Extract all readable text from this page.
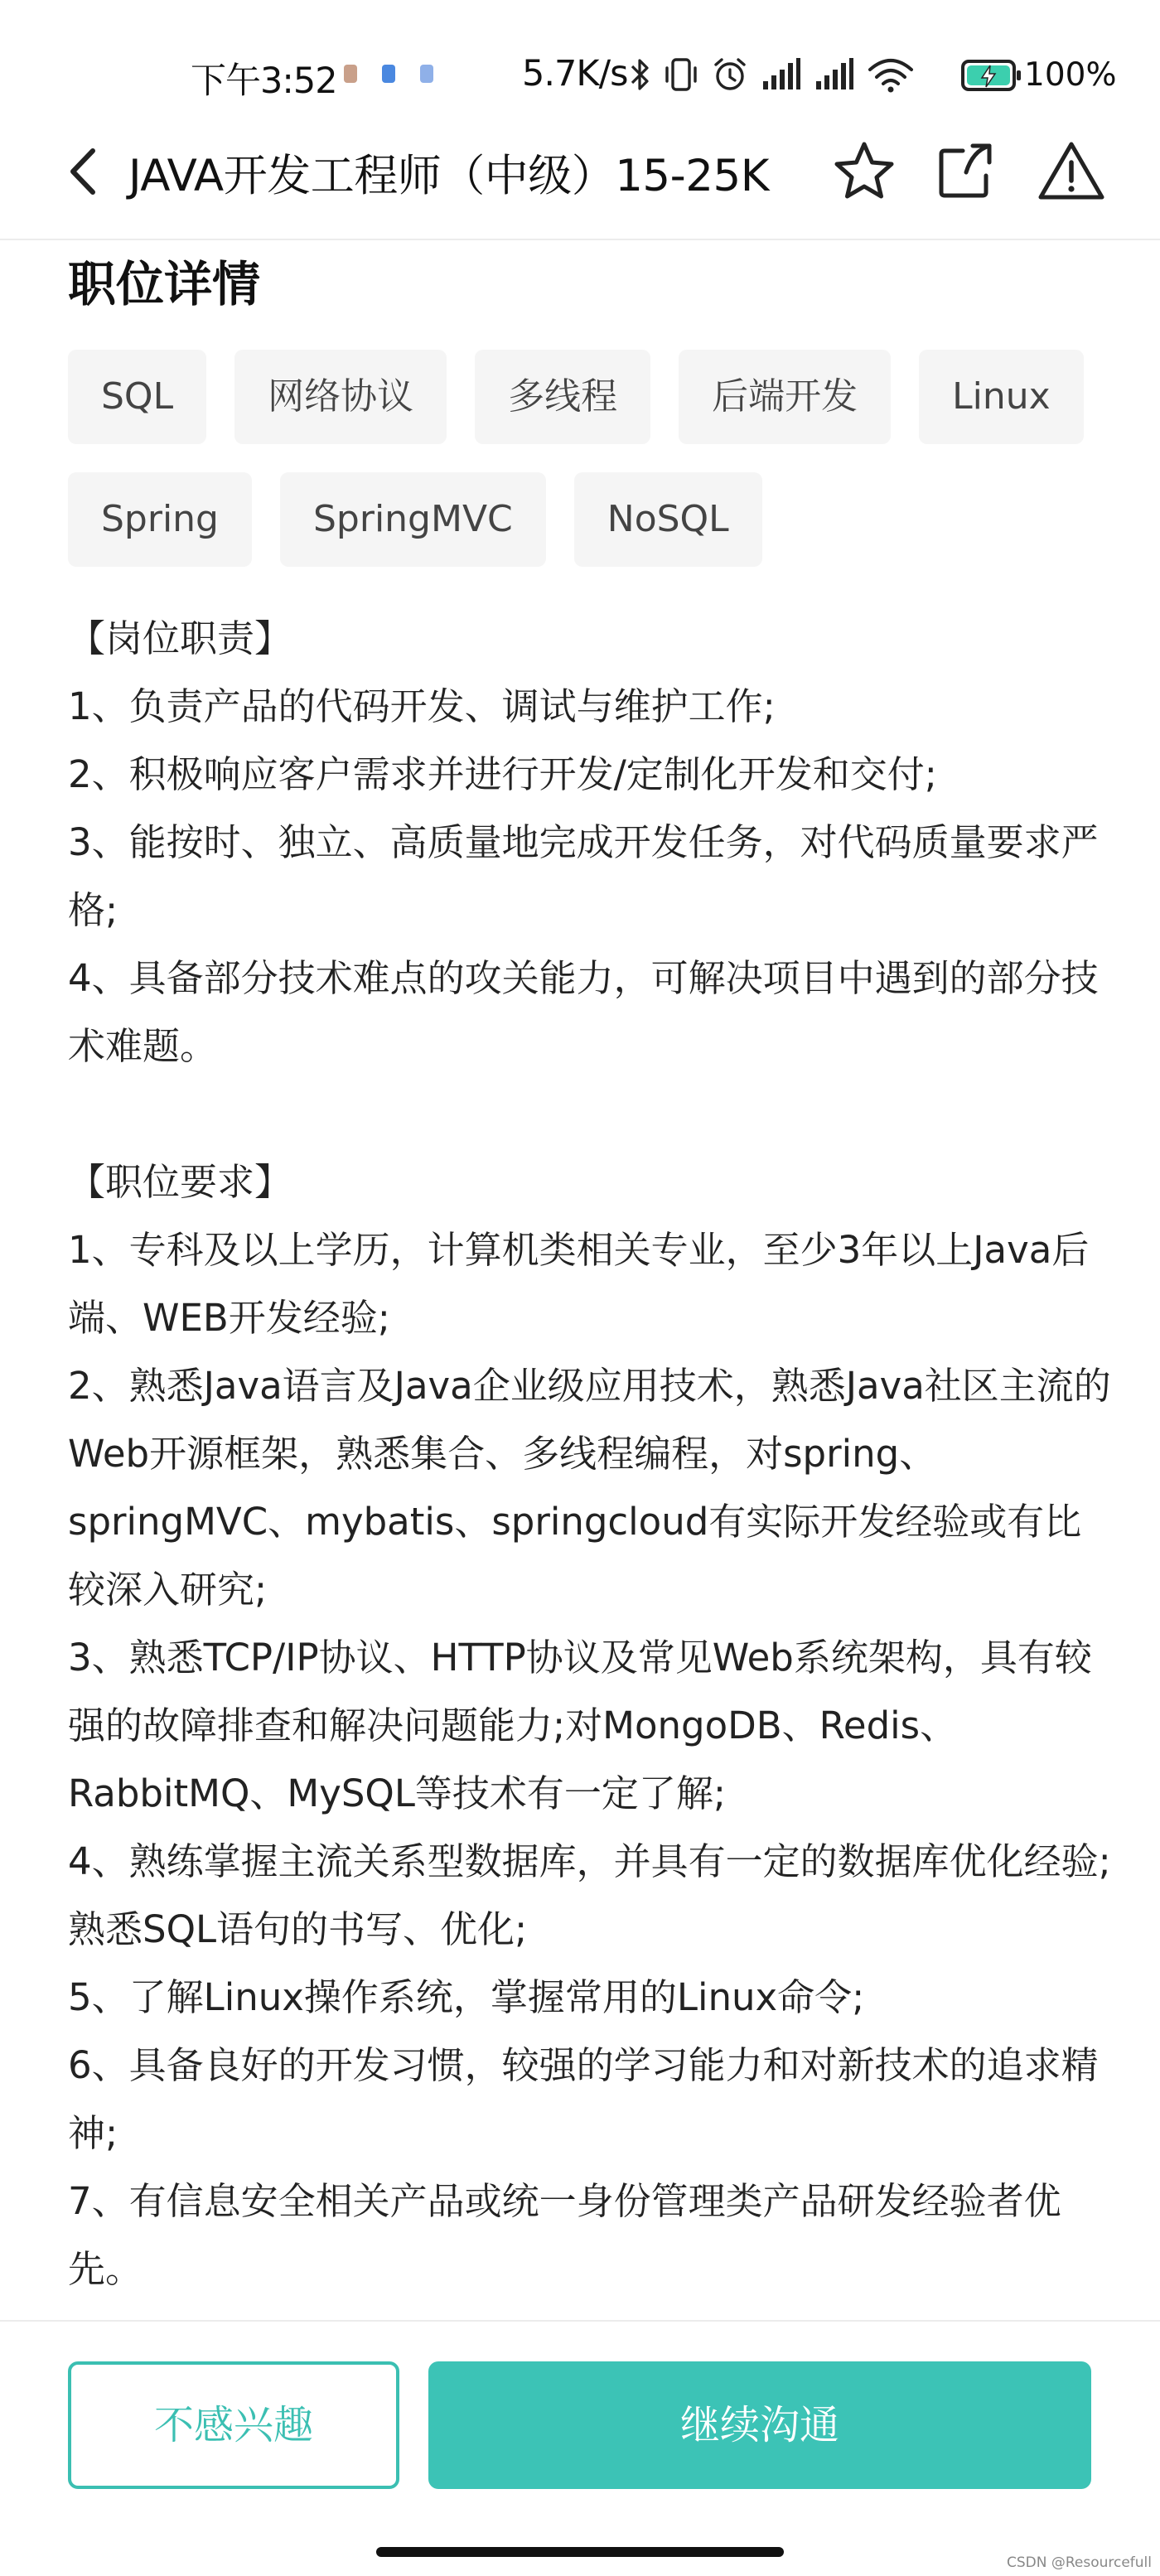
下午3:52	5.7K/s	100%
JAVA开发工程师（中级）15-25K
职位详情
SQL	网络协议	多线程	后端开发	Linux
Spring	SpringMVC	NoSQL
【岗位职责】
1、负责产品的代码开发、调试与维护工作;
2、积极响应客户需求并进行开发/定制化开发和交付;
3、能按时、独立、高质量地完成开发任务，对代码质量要求严格;
4、具备部分技术难点的攻关能力，可解决项目中遇到的部分技术难题。
【职位要求】
1、专科及以上学历，计算机类相关专业，至少3年以上Java后端、WEB开发经验;
2、熟悉Java语言及Java企业级应用技术，熟悉Java社区主流的Web开源框架，熟悉集合、多线程编程，对spring、springMVC、mybatis、springcloud有实际开发经验或有比较深入研究;
3、熟悉TCP/IP协议、HTTP协议及常见Web系统架构，具有较强的故障排查和解决问题能力;对MongoDB、Redis、RabbitMQ、MySQL等技术有一定了解;
4、熟练掌握主流关系型数据库，并具有一定的数据库优化经验;熟悉SQL语句的书写、优化;
5、了解Linux操作系统，掌握常用的Linux命令;
6、具备良好的开发习惯，较强的学习能力和对新技术的追求精神;
7、有信息安全相关产品或统一身份管理类产品研发经验者优先。
不感兴趣	继续沟通
CSDN @Resourcefull
